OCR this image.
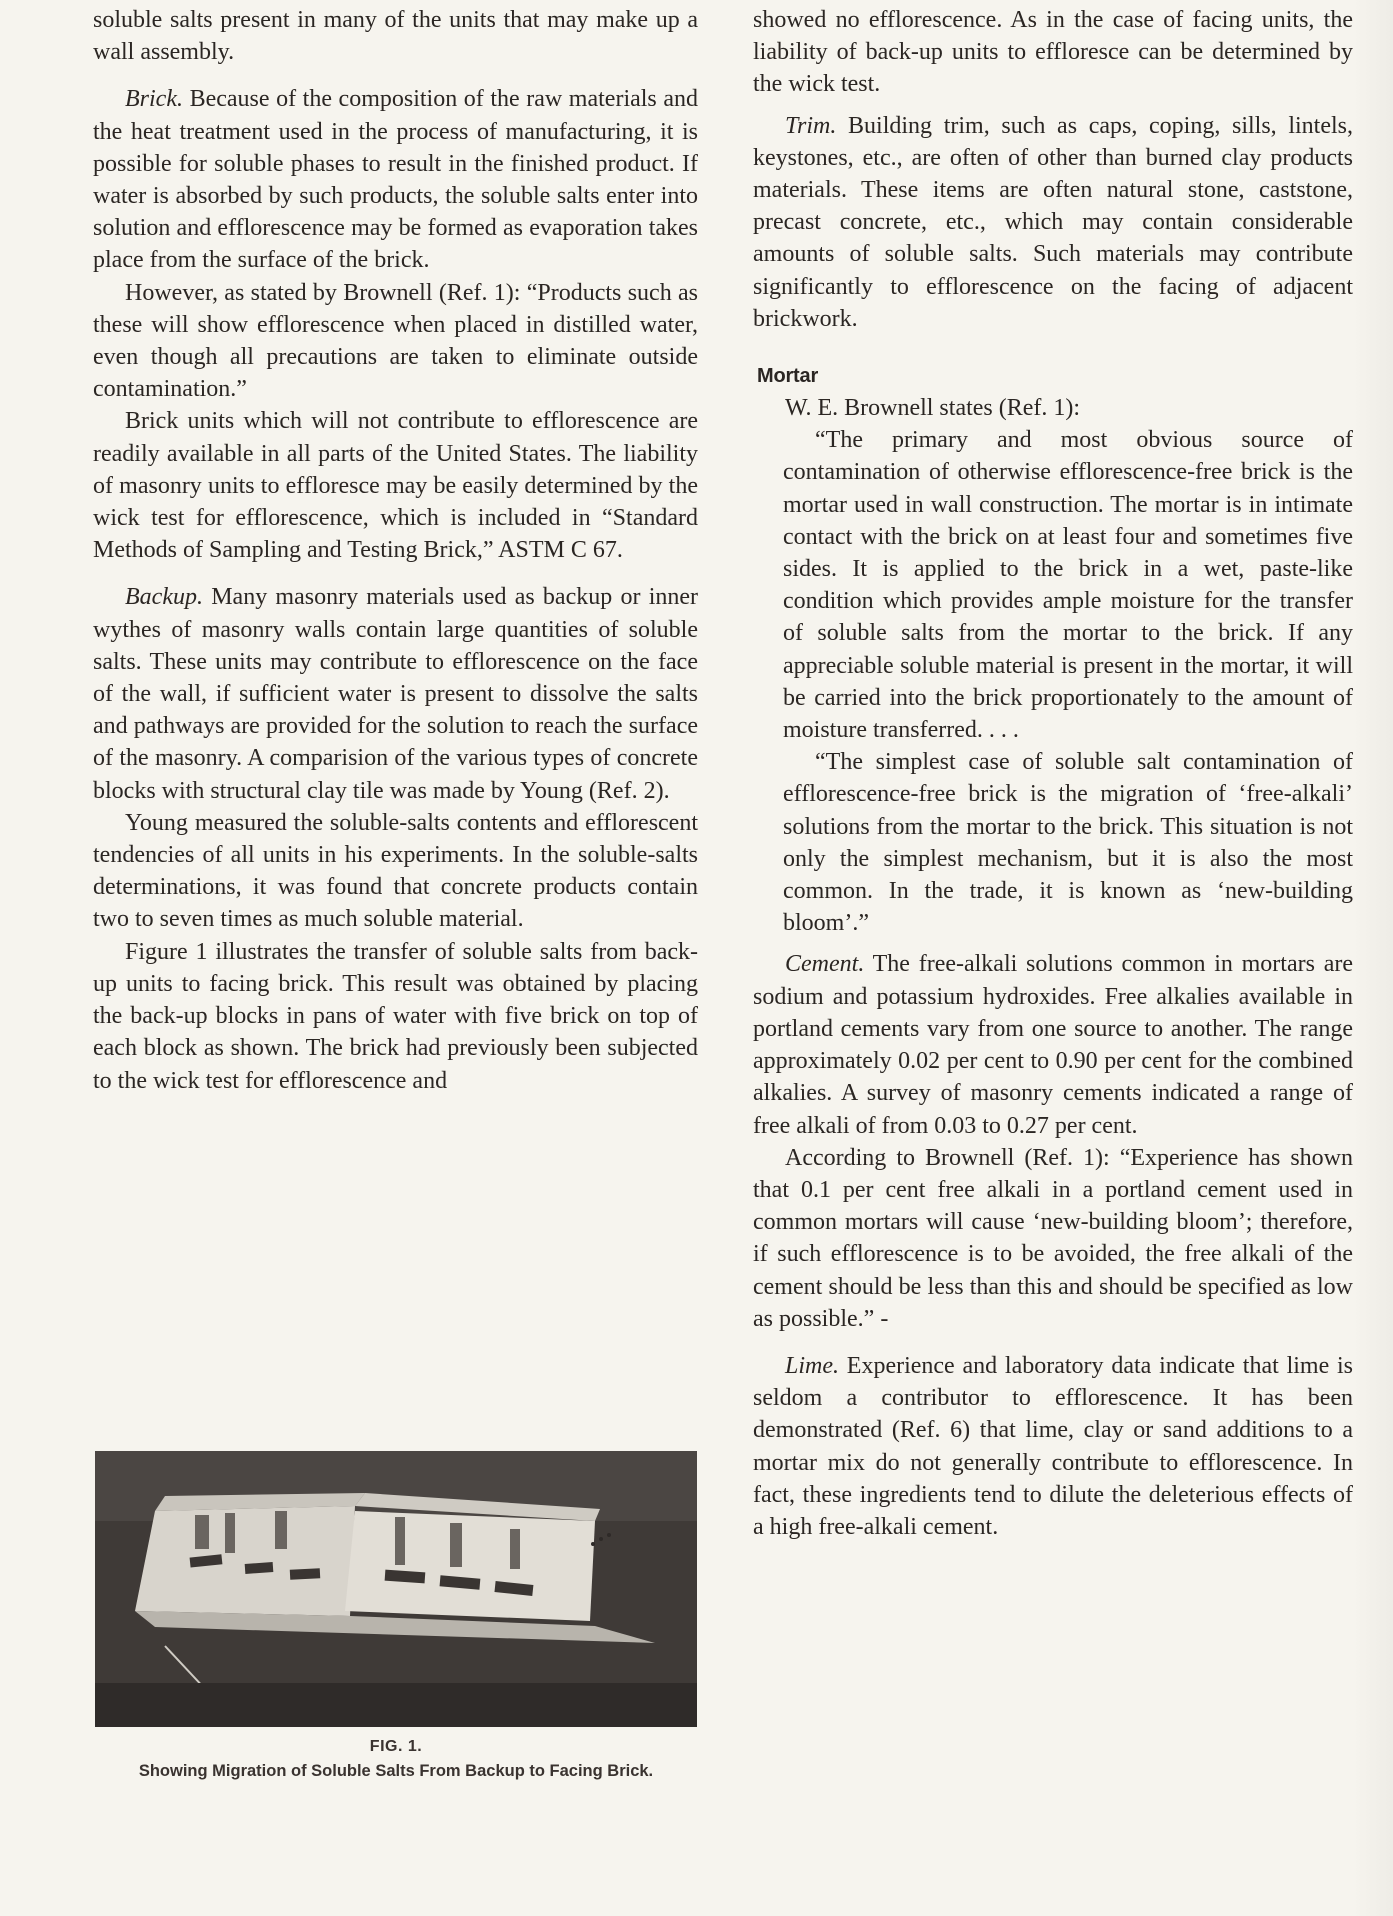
soluble salts present in many of the units that may make up a wall assembly.

Brick. Because of the composition of the raw materials and the heat treatment used in the process of manufacturing, it is possible for soluble phases to result in the finished product. If water is absorbed by such products, the soluble salts enter into solution and efflorescence may be formed as evaporation takes place from the surface of the brick.

However, as stated by Brownell (Ref. 1): “Products such as these will show efflorescence when placed in distilled water, even though all precautions are taken to eliminate outside contamination.”

Brick units which will not contribute to efflorescence are readily available in all parts of the United States. The liability of masonry units to effloresce may be easily determined by the wick test for efflorescence, which is included in “Standard Methods of Sampling and Testing Brick,” ASTM C 67.

Backup. Many masonry materials used as backup or inner wythes of masonry walls contain large quantities of soluble salts. These units may contribute to efflorescence on the face of the wall, if sufficient water is present to dissolve the salts and pathways are provided for the solution to reach the surface of the masonry. A comparision of the various types of concrete blocks with structural clay tile was made by Young (Ref. 2).

Young measured the soluble-salts contents and efflorescent tendencies of all units in his experiments. In the soluble-salts determinations, it was found that concrete products contain two to seven times as much soluble material.

Figure 1 illustrates the transfer of soluble salts from back-up units to facing brick. This result was obtained by placing the back-up blocks in pans of water with five brick on top of each block as shown. The brick had previously been subjected to the wick test for efflorescence and

FIG. 1.
Showing Migration of Soluble Salts From Backup to Facing Brick.

showed no efflorescence. As in the case of facing units, the liability of back-up units to effloresce can be determined by the wick test.

Trim. Building trim, such as caps, coping, sills, lintels, keystones, etc., are often of other than burned clay products materials. These items are often natural stone, caststone, precast concrete, etc., which may contain considerable amounts of soluble salts. Such materials may contribute significantly to efflorescence on the facing of adjacent brickwork.

Mortar

W. E. Brownell states (Ref. 1):

“The primary and most obvious source of contamination of otherwise efflorescence-free brick is the mortar used in wall construction. The mortar is in intimate contact with the brick on at least four and sometimes five sides. It is applied to the brick in a wet, paste-like condition which provides ample moisture for the transfer of soluble salts from the mortar to the brick. If any appreciable soluble material is present in the mortar, it will be carried into the brick proportionately to the amount of moisture transferred. . . .

“The simplest case of soluble salt contamination of efflorescence-free brick is the migration of ‘free-alkali’ solutions from the mortar to the brick. This situation is not only the simplest mechanism, but it is also the most common. In the trade, it is known as ‘new-building bloom’.”

Cement. The free-alkali solutions common in mortars are sodium and potassium hydroxides. Free alkalies available in portland cements vary from one source to another. The range approximately 0.02 per cent to 0.90 per cent for the combined alkalies. A survey of masonry cements indicated a range of free alkali of from 0.03 to 0.27 per cent.

According to Brownell (Ref. 1): “Experience has shown that 0.1 per cent free alkali in a portland cement used in common mortars will cause ‘new-building bloom’; therefore, if such efflorescence is to be avoided, the free alkali of the cement should be less than this and should be specified as low as possible.” -

Lime. Experience and laboratory data indicate that lime is seldom a contributor to efflorescence. It has been demonstrated (Ref. 6) that lime, clay or sand additions to a mortar mix do not generally contribute to efflorescence. In fact, these ingredients tend to dilute the deleterious effects of a high free-alkali cement.
